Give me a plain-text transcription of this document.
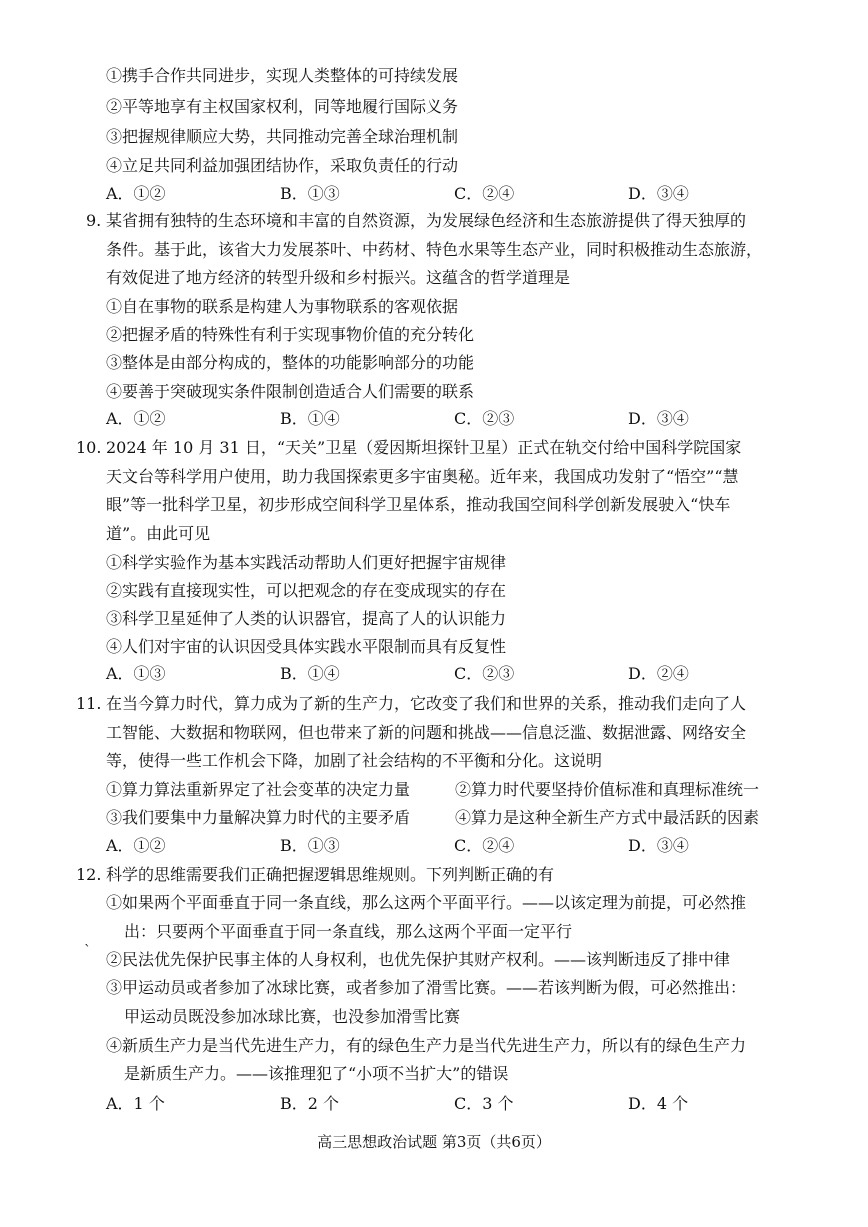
①携手合作共同进步，实现人类整体的可持续发展
②平等地享有主权国家权利，同等地履行国际义务
③把握规律顺应大势，共同推动完善全球治理机制
④立足共同利益加强团结协作，采取负责任的行动
A．①②	B．①③	C．②④	D．③④
9. 某省拥有独特的生态环境和丰富的自然资源，为发展绿色经济和生态旅游提供了得天独厚的
条件。基于此，该省大力发展茶叶、中药材、特色水果等生态产业，同时积极推动生态旅游，
有效促进了地方经济的转型升级和乡村振兴。这蕴含的哲学道理是
①自在事物的联系是构建人为事物联系的客观依据
②把握矛盾的特殊性有利于实现事物价值的充分转化
③整体是由部分构成的，整体的功能影响部分的功能
④要善于突破现实条件限制创造适合人们需要的联系
A．①②	B．①④	C．②③	D．③④
10. 2024 年 10 月 31 日，“天关”卫星（爱因斯坦探针卫星）正式在轨交付给中国科学院国家
天文台等科学用户使用，助力我国探索更多宇宙奥秘。近年来，我国成功发射了“悟空”“慧
眼”等一批科学卫星，初步形成空间科学卫星体系，推动我国空间科学创新发展驶入“快车
道”。由此可见
①科学实验作为基本实践活动帮助人们更好把握宇宙规律
②实践有直接现实性，可以把观念的存在变成现实的存在
③科学卫星延伸了人类的认识器官，提高了人的认识能力
④人们对宇宙的认识因受具体实践水平限制而具有反复性
A．①③	B．①④	C．②③	D．②④
11. 在当今算力时代，算力成为了新的生产力，它改变了我们和世界的关系，推动我们走向了人
工智能、大数据和物联网，但也带来了新的问题和挑战——信息泛滥、数据泄露、网络安全
等，使得一些工作机会下降，加剧了社会结构的不平衡和分化。这说明
①算力算法重新界定了社会变革的决定力量	②算力时代要坚持价值标准和真理标准统一
③我们要集中力量解决算力时代的主要矛盾	④算力是这种全新生产方式中最活跃的因素
A．①②	B．①③	C．②④	D．③④
12. 科学的思维需要我们正确把握逻辑思维规则。下列判断正确的有
①如果两个平面垂直于同一条直线，那么这两个平面平行。——以该定理为前提，可必然推
出：只要两个平面垂直于同一条直线，那么这两个平面一定平行
` ②民法优先保护民事主体的人身权利，也优先保护其财产权利。——该判断违反了排中律
③甲运动员或者参加了冰球比赛，或者参加了滑雪比赛。——若该判断为假，可必然推出：
甲运动员既没参加冰球比赛，也没参加滑雪比赛
④新质生产力是当代先进生产力，有的绿色生产力是当代先进生产力，所以有的绿色生产力
是新质生产力。——该推理犯了“小项不当扩大”的错误
A．1 个	B．2 个	C．3 个	D．4 个
高三思想政治试题 第3页（共6页）
